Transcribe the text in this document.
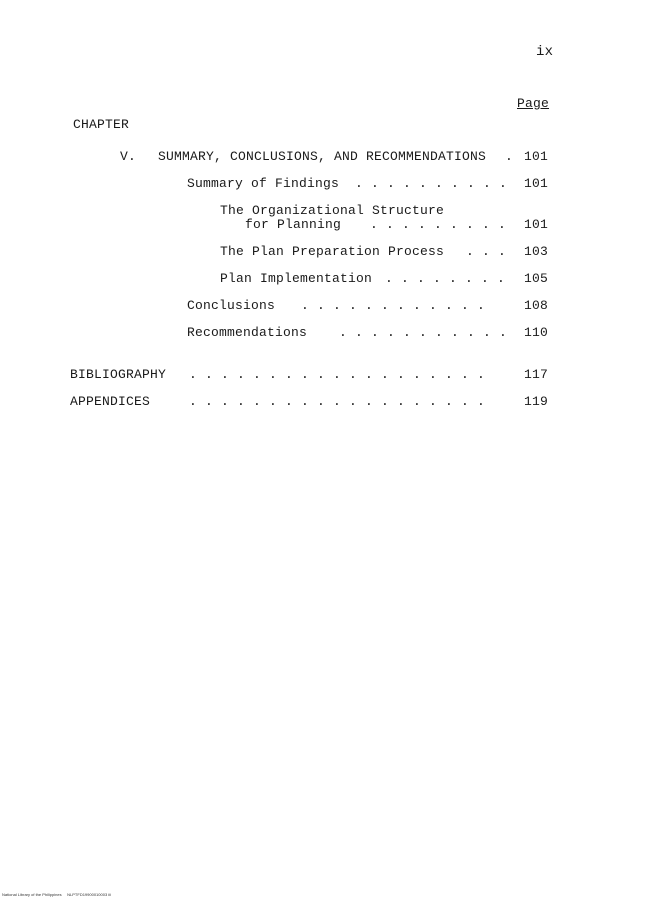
ix
Page
CHAPTER
V. SUMMARY, CONCLUSIONS, AND RECOMMENDATIONS . 101
Summary of Findings . . . . . . . . . . 101
The Organizational Structure
for Planning . . . . . . . . . 101
The Plan Preparation Process . . . 103
Plan Implementation . . . . . . . . 105
Conclusions . . . . . . . . . . . .	108
Recommendations . . . . . . . . . . . 110
BIBLIOGRAPHY . . . . . . . . . . . . . . . . . . .	117
APPENDICES	. . . . . . . . . . . . . . . . . . .	119
National Library of the Philippines     NLPTFD19900010003 iii
